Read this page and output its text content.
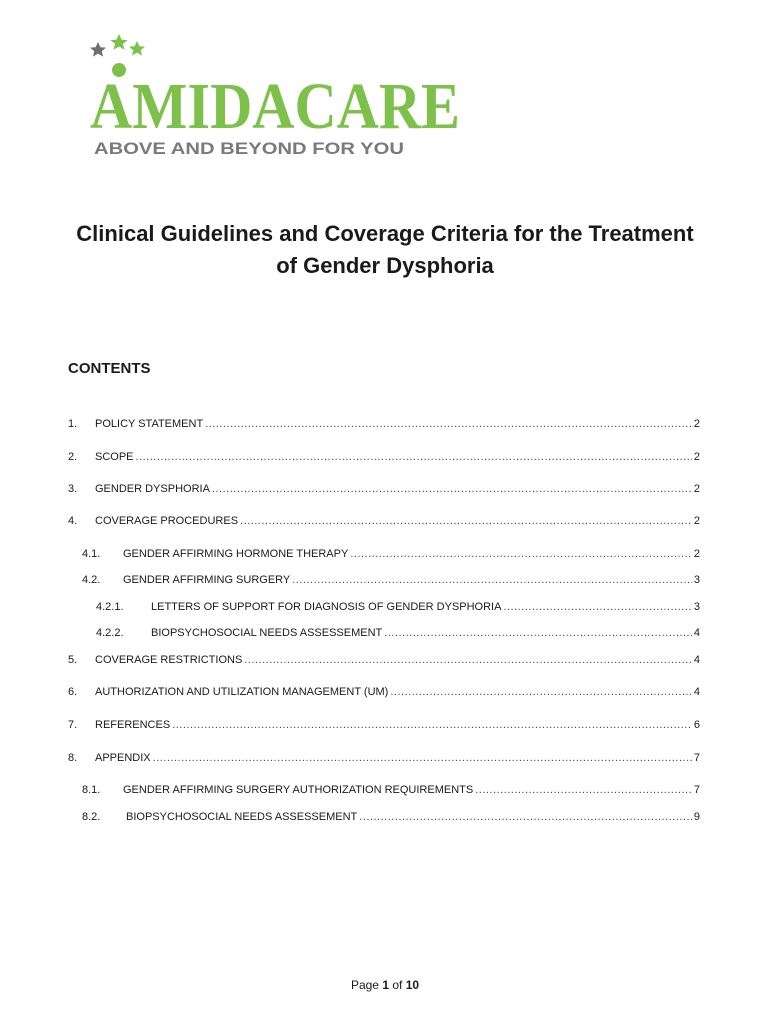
AMIDACARE
ABOVE AND BEYOND FOR YOU
Clinical Guidelines and Coverage Criteria for the Treatment
of Gender Dysphoria
CONTENTS
1.	POLICY STATEMENT .....	2
2.	SCOPE .....	2
3.	GENDER DYSPHORIA .....	2
4.	COVERAGE PROCEDURES .....	2
4.1.	GENDER AFFIRMING HORMONE THERAPY .....	2
4.2.	GENDER AFFIRMING SURGERY .....	3
4.2.1.	LETTERS OF SUPPORT FOR DIAGNOSIS OF GENDER DYSPHORIA .....	3
4.2.2.	BIOPSYCHOSOCIAL NEEDS ASSESSEMENT .....	4
5.	COVERAGE RESTRICTIONS .....	4
6.	AUTHORIZATION AND UTILIZATION MANAGEMENT (UM) .....	4
7.	REFERENCES .....	6
8.	APPENDIX .....	7
8.1.	GENDER AFFIRMING SURGERY AUTHORIZATION REQUIREMENTS .....	7
8.2.	BIOPSYCHOSOCIAL NEEDS ASSESSEMENT .....	9
Page 1 of 10
